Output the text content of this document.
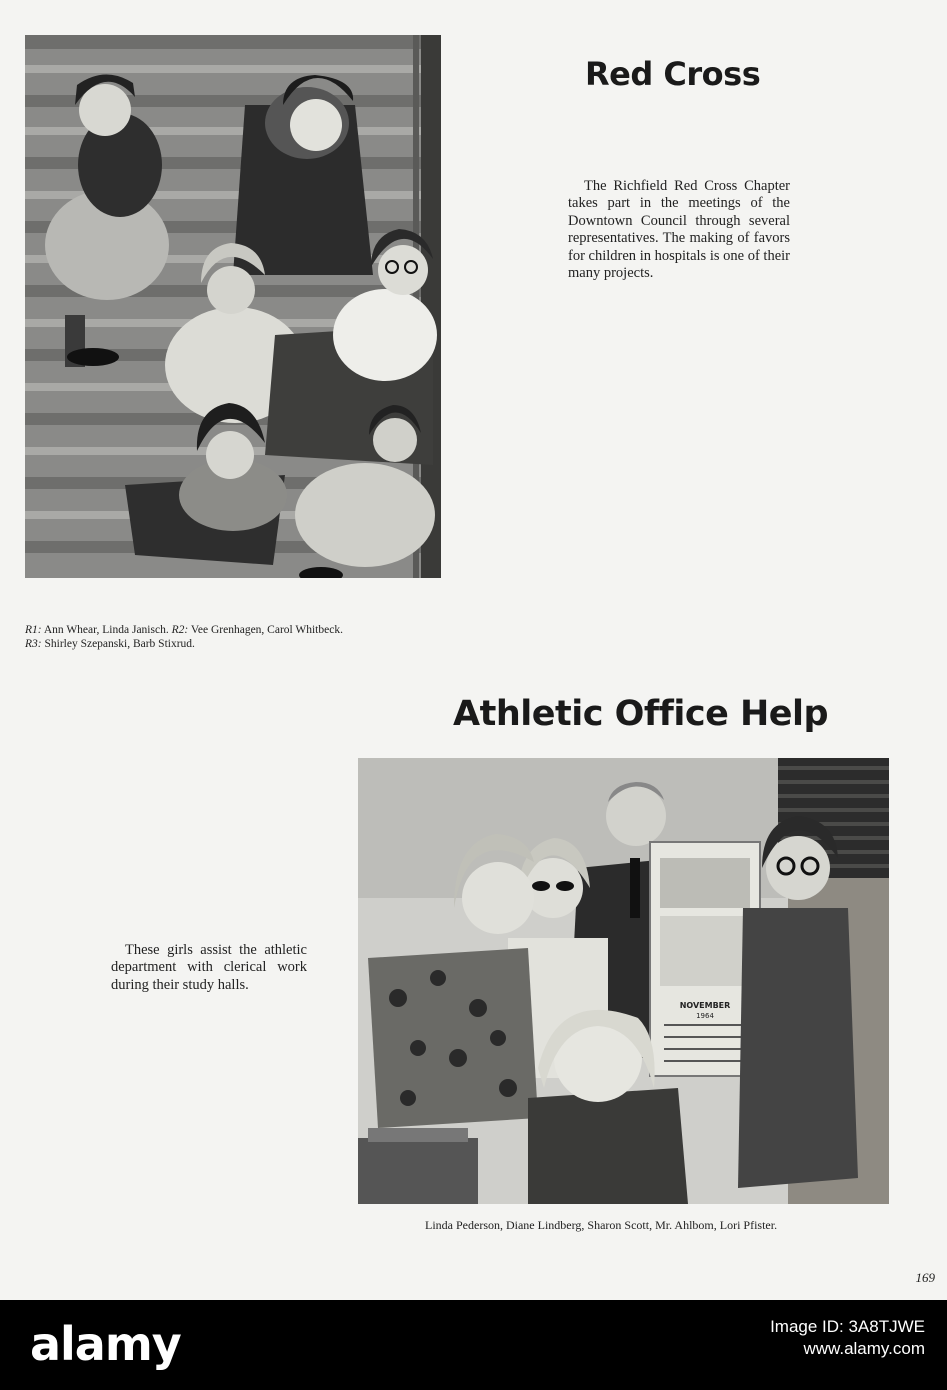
Red Cross

The Richfield Red Cross Chapter takes part in the meetings of the Downtown Council through several representatives. The making of favors for children in hospitals is one of their many projects.

R1: Ann Whear, Linda Janisch. R2: Vee Grenhagen, Carol Whitbeck.
R3: Shirley Szepanski, Barb Stixrud.
Athletic Office Help

These girls assist the athletic department with clerical work during their study halls.

NOVEMBER
1964
Linda Pederson, Diane Lindberg, Sharon Scott, Mr. Ahlbom, Lori Pfister.
169
alamy	Image ID: 3A8TJWE
www.alamy.com
